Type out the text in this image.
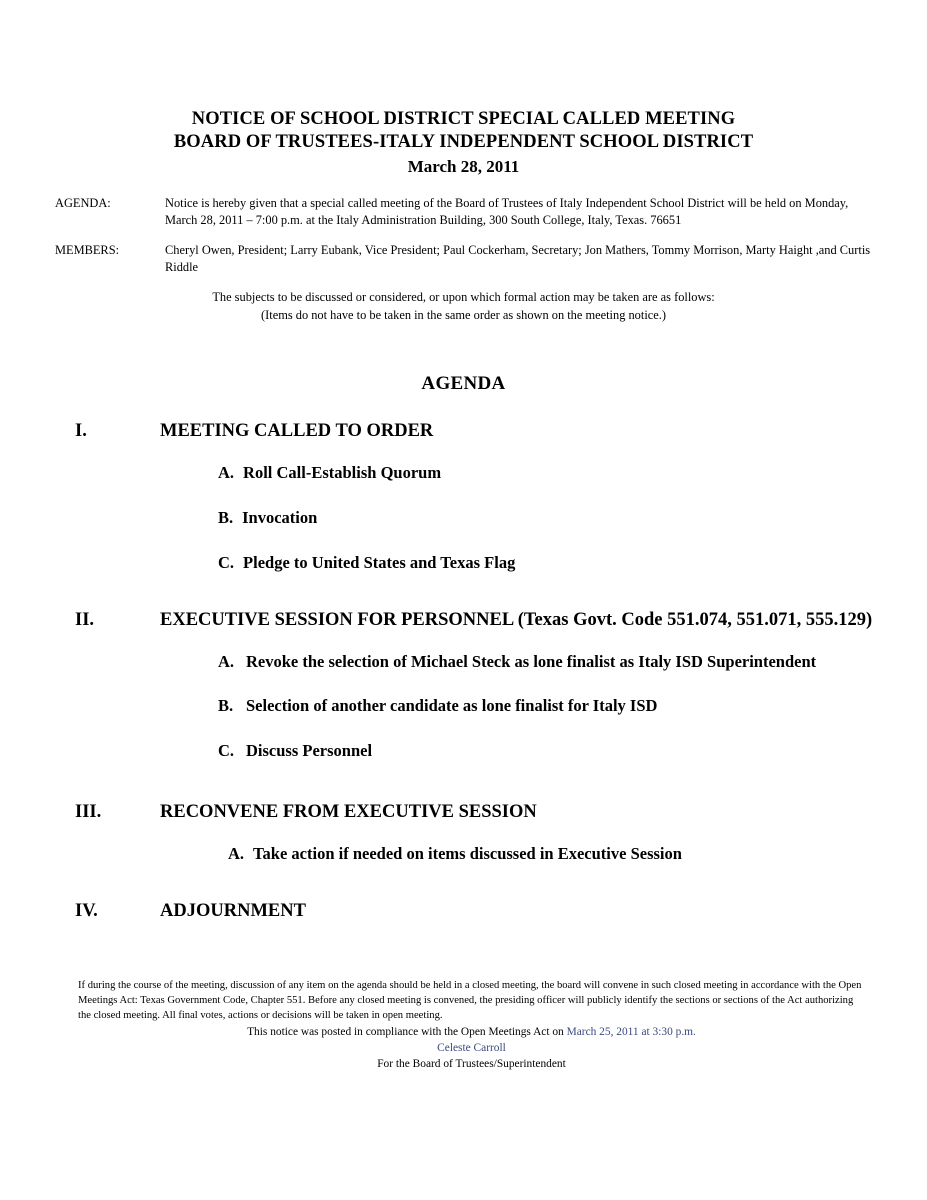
NOTICE OF SCHOOL DISTRICT SPECIAL CALLED MEETING
BOARD OF TRUSTEES-ITALY INDEPENDENT SCHOOL DISTRICT
March 28, 2011
AGENDA:	Notice is hereby given that a special called meeting of the Board of Trustees of Italy Independent School District will be held on Monday, March 28, 2011 – 7:00 p.m. at the Italy Administration Building, 300 South College, Italy, Texas. 76651
MEMBERS:	Cheryl Owen, President; Larry Eubank, Vice President; Paul Cockerham, Secretary; Jon Mathers, Tommy Morrison, Marty Haight ,and Curtis Riddle
The subjects to be discussed or considered, or upon which formal action may be taken are as follows:
(Items do not have to be taken in the same order as shown on the meeting notice.)
AGENDA
I.	MEETING CALLED TO ORDER
A. Roll Call-Establish Quorum
B. Invocation
C. Pledge to United States and Texas Flag
II.	EXECUTIVE SESSION FOR PERSONNEL (Texas Govt. Code 551.074, 551.071, 555.129)
A. Revoke the selection of Michael Steck as lone finalist as Italy ISD Superintendent
B. Selection of another candidate as lone finalist for Italy ISD
C. Discuss Personnel
III.	RECONVENE FROM EXECUTIVE SESSION
A. Take action if needed on items discussed in Executive Session
IV.	ADJOURNMENT
If during the course of the meeting, discussion of any item on the agenda should be held in a closed meeting, the board will convene in such closed meeting in accordance with the Open Meetings Act: Texas Government Code, Chapter 551. Before any closed meeting is convened, the presiding officer will publicly identify the sections or sections of the Act authorizing the closed meeting. All final votes, actions or decisions will be taken in open meeting.
This notice was posted in compliance with the Open Meetings Act on March 25, 2011 at 3:30 p.m.
Celeste Carroll
For the Board of Trustees/Superintendent
